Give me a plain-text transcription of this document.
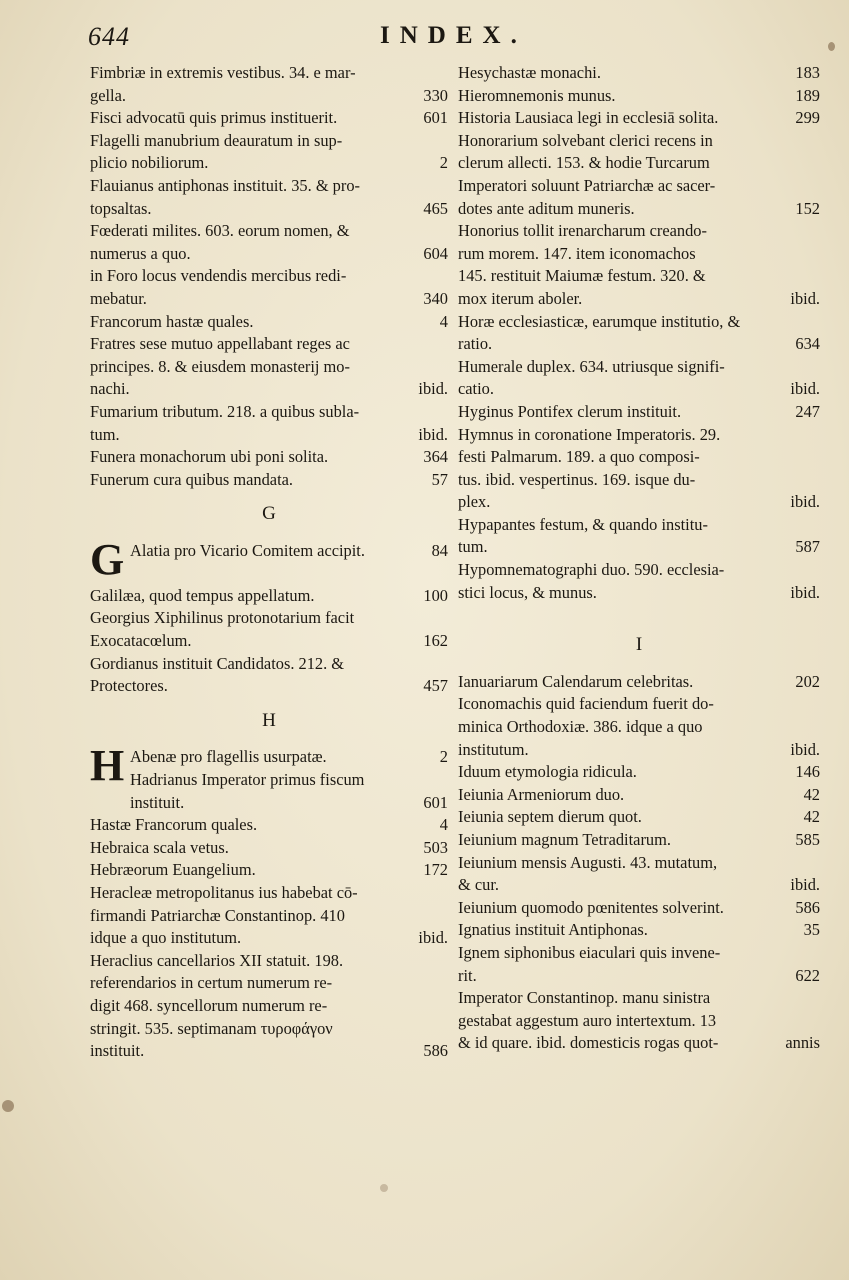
644	INDEX.
Fimbriæ in extremis vestibus. 34. e mar-
gella.	330
Fisci advocatū quis primus instituerit.	601
Flagelli manubrium deauratum in sup-
plicio nobiliorum.	2
Flauianus antiphonas instituit. 35. & pro-
topsaltas.	465
Fœderati milites. 603. eorum nomen, &
numerus a quo.	604
in Foro locus vendendis mercibus redi-
mebatur.	340
Francorum hastæ quales.	4
Fratres sese mutuo appellabant reges ac
principes. 8. & eiusdem monasterij mo-
nachi.	ibid.
Fumarium tributum. 218. a quibus subla-
tum.	ibid.
Funera monachorum ubi poni solita.	364
Funerum cura quibus mandata.	57
G
G Alatia pro Vicario Comitem accipit.	84
Galilæa, quod tempus appellatum.	100
Georgius Xiphilinus protonotarium facit
Exocatacœlum.	162
Gordianus instituit Candidatos. 212. &
Protectores.	457
H
H Abenæ pro flagellis usurpatæ.	2
Hadrianus Imperator primus fiscum
instituit.	601
Hastæ Francorum quales.	4
Hebraica scala vetus.	503
Hebræorum Euangelium.	172
Heracleæ metropolitanus ius habebat cō-
firmandi Patriarchæ Constantinop. 410
idque a quo institutum.	ibid.
Heraclius cancellarios XII statuit. 198.
referendarios in certum numerum re-
digit 468. syncellorum numerum re-
stringit. 535. septimanam τυροφάγον
instituit.	586
Hesychastæ monachi.	183
Hieromnemonis munus.	189
Historia Lausiaca legi in ecclesiā solita.	299
Honorarium solvebant clerici recens in
clerum allecti. 153. & hodie Turcarum
Imperatori soluunt Patriarchæ ac sacer-
dotes ante aditum muneris.	152
Honorius tollit irenarcharum creando-
rum morem. 147. item iconomachos
145. restituit Maiumæ festum. 320. &
mox iterum aboler.	ibid.
Horæ ecclesiasticæ, earumque institutio, &
ratio.	634
Humerale duplex. 634. utriusque signifi-
catio.	ibid.
Hyginus Pontifex clerum instituit.	247
Hymnus in coronatione Imperatoris. 29.
festi Palmarum. 189. a quo composi-
tus. ibid. vespertinus. 169. isque du-
plex.	ibid.
Hypapantes festum, & quando institu-
tum.	587
Hypomnematographi duo. 590. ecclesia-
stici locus, & munus.	ibid.
I
Ianuariarum Calendarum celebritas.	202
Iconomachis quid faciendum fuerit do-
minica Orthodoxiæ. 386. idque a quo
institutum.	ibid.
Iduum etymologia ridicula.	146
Ieiunia Armeniorum duo.	42
Ieiunia septem dierum quot.	42
Ieiunium magnum Tetraditarum.	585
Ieiunium mensis Augusti. 43. mutatum,
& cur.	ibid.
Ieiunium quomodo pœnitentes solverint.	586
Ignatius instituit Antiphonas.	35
Ignem siphonibus eiaculari quis invene-
rit.	622
Imperator Constantinop. manu sinistra
gestabat aggestum auro intertextum. 13
& id quare. ibid. domesticis rogas quot-	annis
